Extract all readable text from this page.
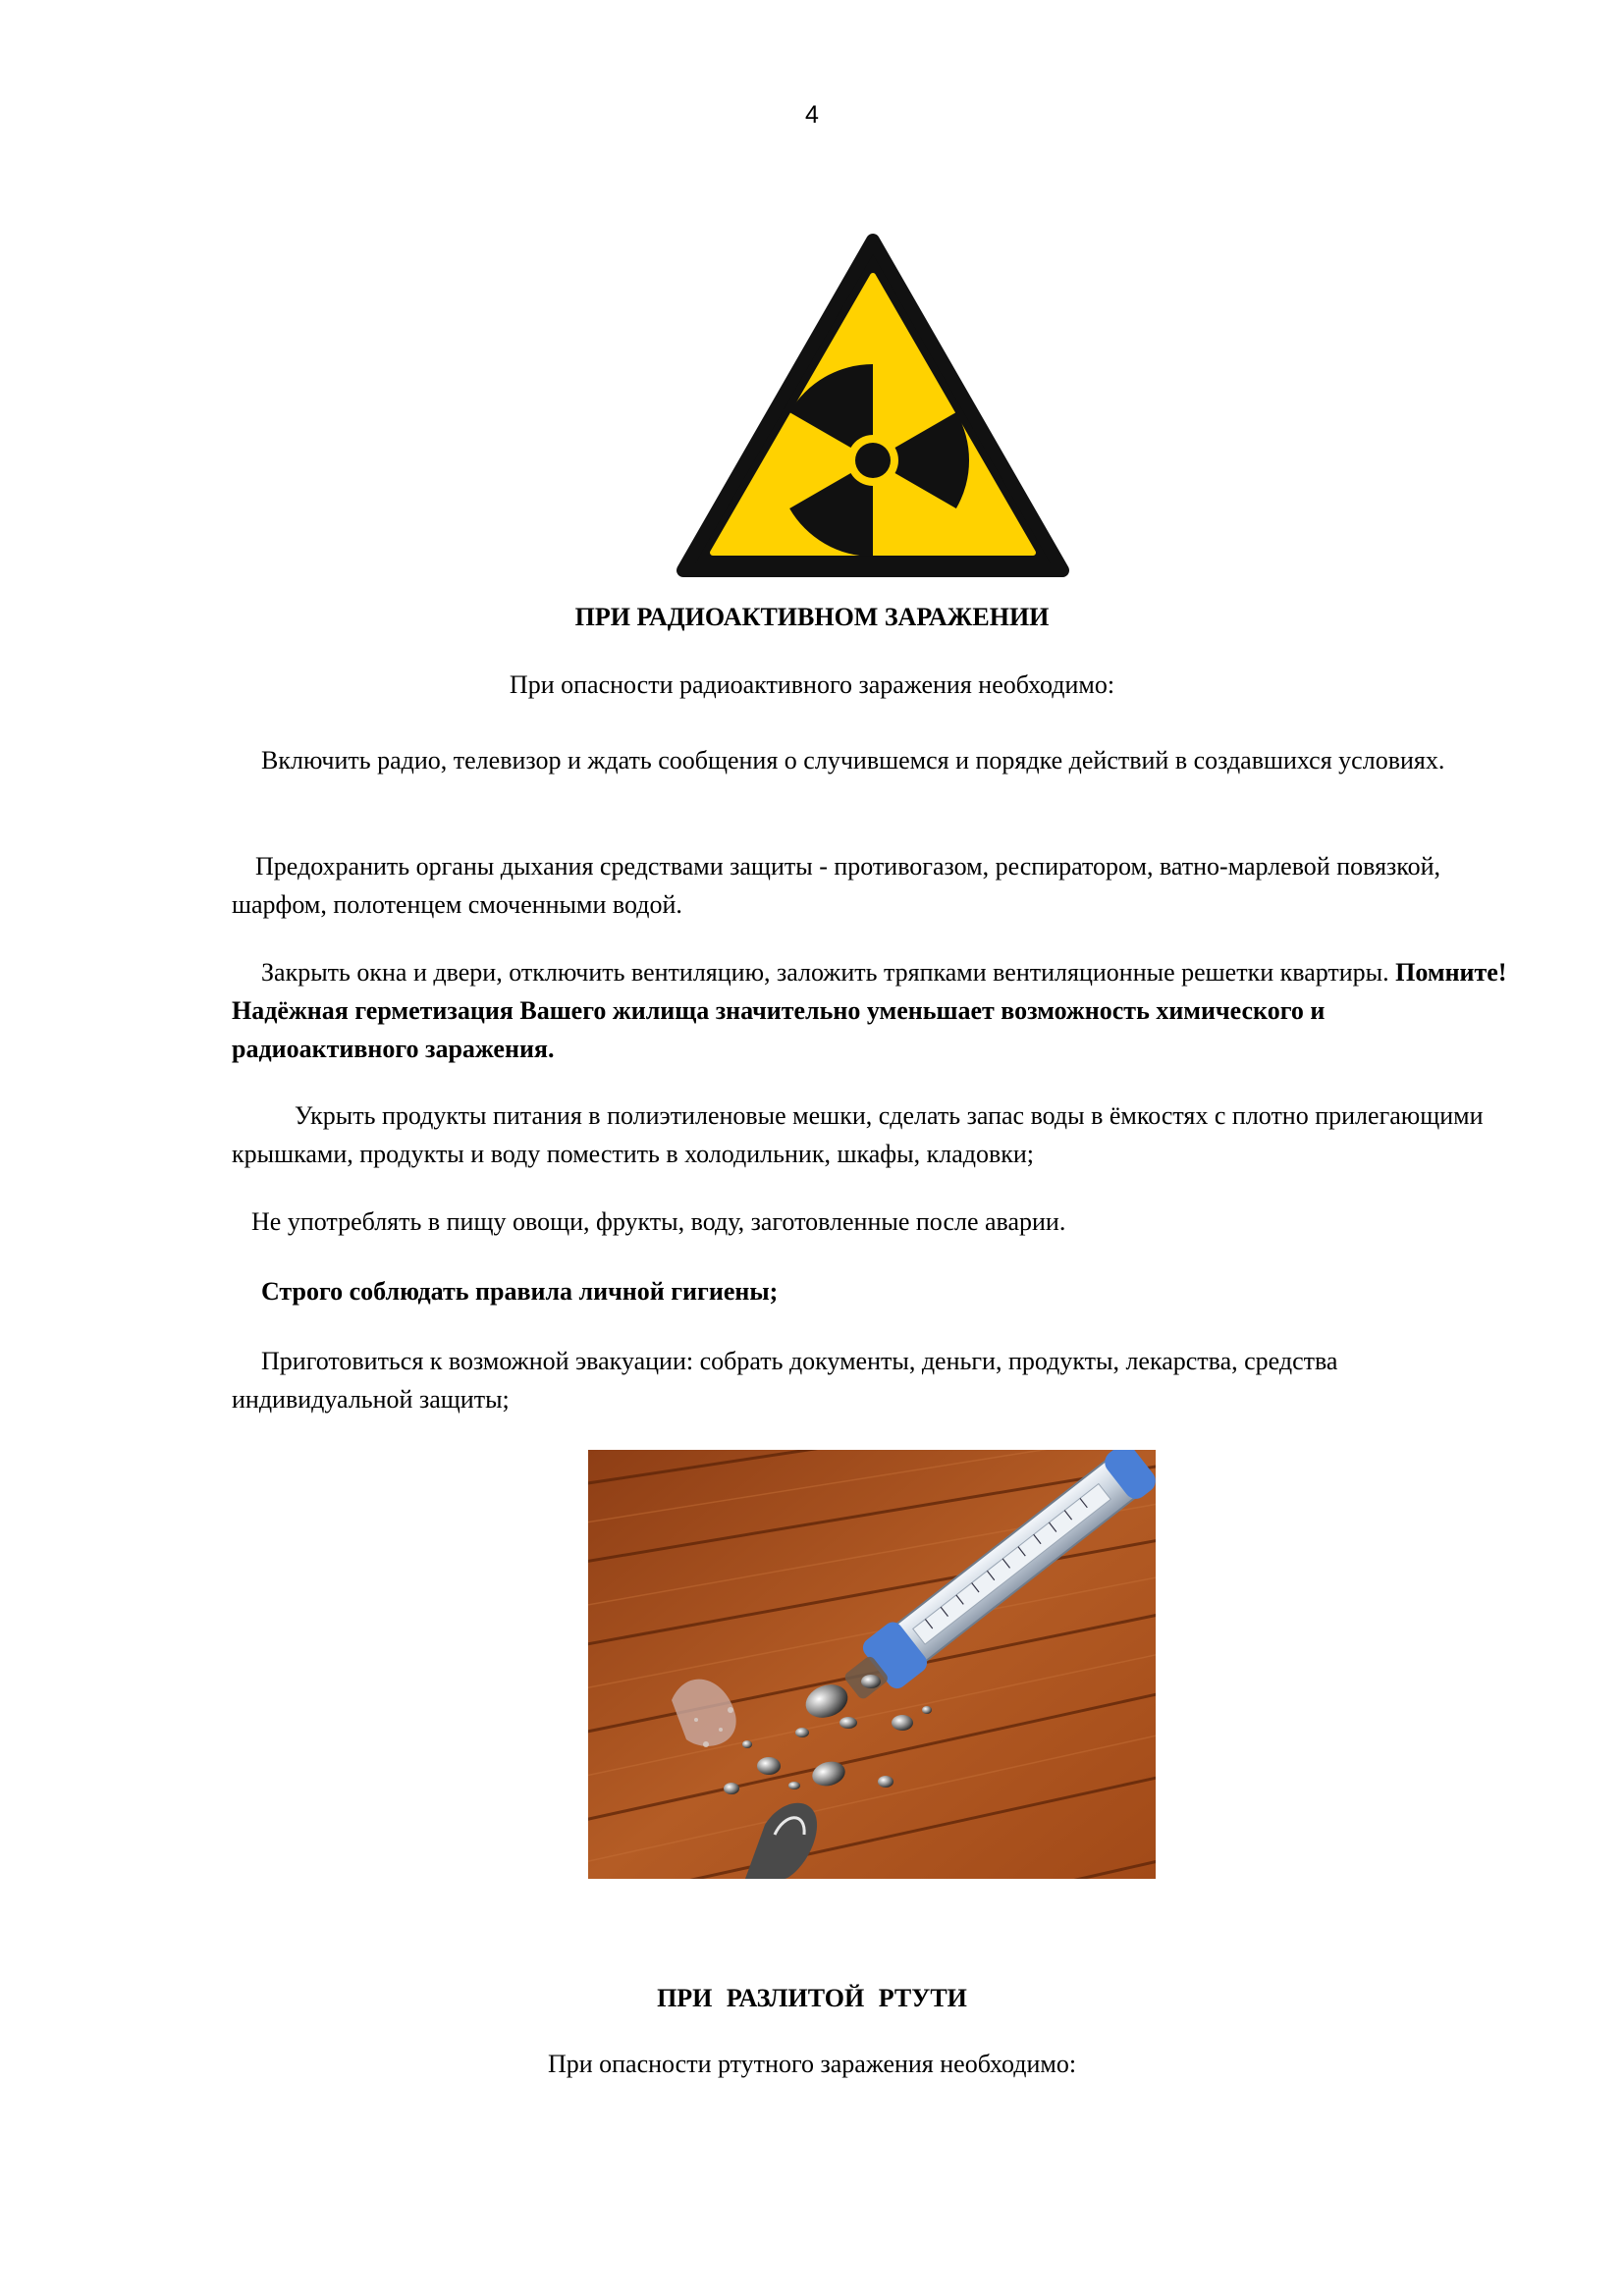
4
ПРИ РАДИОАКТИВНОМ ЗАРАЖЕНИИ

При опасности радиоактивного заражения необходимо:

Включить радио, телевизор и ждать сообщения о случившемся и порядке действий в создавшихся условиях.

Предохранить органы дыхания средствами защиты - противогазом, респиратором, ватно-марлевой повязкой, шарфом, полотенцем смоченными водой.

Закрыть окна и двери, отключить вентиляцию, заложить тряпками вентиляционные решетки квартиры. Помните! Надёжная герметизация Вашего жилища значительно уменьшает возможность химического и радиоактивного заражения.

Укрыть продукты питания в полиэтиленовые мешки, сделать запас воды в ёмкостях с плотно прилегающими крышками, продукты и воду поместить в холодильник, шкафы, кладовки;

Не употреблять в пищу овощи, фрукты, воду, заготовленные после аварии.

Строго соблюдать правила личной гигиены;

Приготовиться к возможной эвакуации: собрать документы, деньги, продукты, лекарства, средства индивидуальной защиты;

ПРИ РАЗЛИТОЙ РТУТИ

При опасности ртутного заражения необходимо:
